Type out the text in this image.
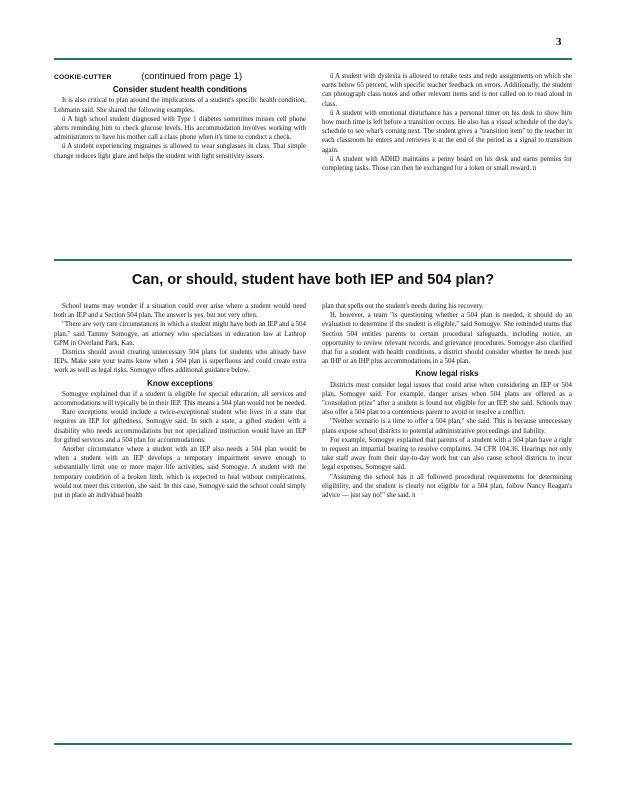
3
COOKIE-CUTTER	(continued from page 1)
Consider student health conditions

It is also critical to plan around the implications of a student's specific health condition, Lehmann said. She shared the following examples.

ü A high school student diagnosed with Type 1 diabetes sometimes misses cell phone alerts reminding him to check glucose levels. His accommodation involves working with administrators to have his mother call a class phone when it's time to conduct a check.

ü A student experiencing migraines is allowed to wear sunglasses in class. That simple change reduces light glare and helps the student with light sensitivity issues.

ü A student with dyslexia is allowed to retake tests and redo assignments on which she earns below 65 percent, with specific teacher feedback on errors. Additionally, the student can photograph class notes and other relevant items and is not called on to read aloud in class.

ü A student with emotional disturbance has a personal timer on his desk to show him how much time is left before a transition occurs. He also has a visual schedule of the day's schedule to see what's coming next. The student gives a "transition item" to the teacher in each classroom he enters and retrieves it at the end of the period as a signal to transition again.

ü A student with ADHD maintains a penny board on his desk and earns pennies for completing tasks. Those can then be exchanged for a token or small reward. n

Can, or should, student have both IEP and 504 plan?

School teams may wonder if a situation could ever arise where a student would need both an IEP and a Section 504 plan. The answer is yes, but not very often.

"There are very rare circumstances in which a student might have both an IEP and a 504 plan," said Tammy Somogye, an attorney who specializes in education law at Lathrop GPM in Overland Park, Kan.

Districts should avoid creating unnecessary 504 plans for students who already have IEPs. Make sure your teams know when a 504 plan is superfluous and could create extra work as well as legal risks. Somogye offers additional guidance below.

Know exceptions

Somogye explained that if a student is eligible for special education, all services and accommodations will typically be in their IEP. This means a 504 plan would not be needed.

Rare exceptions would include a twice-exceptional student who lives in a state that requires an IEP for giftedness, Somogye said. In such a state, a gifted student with a disability who needs accommodations but not specialized instruction would have an IEP for gifted services and a 504 plan for accommodations.

Another circumstance where a student with an IEP also needs a 504 plan would be when a student with an IEP develops a temporary impairment severe enough to substantially limit one or more major life activities, said Somogye. A student with the temporary condition of a broken limb, which is expected to heal without complications, would not meet this criterion, she said. In this case, Somogye said the school could simply put in place an individual health

plan that spells out the student's needs during his recovery.

If, however, a team "is questioning whether a 504 plan is needed, it should do an evaluation to determine if the student is eligible," said Somogye. She reminded teams that Section 504 entitles parents to certain procedural safeguards, including notice, an opportunity to review relevant records, and grievance procedures. Somogye also clarified that for a student with health conditions, a district should consider whether he needs just an IHP or an IHP plus accommodations in a 504 plan.

Know legal risks

Districts must consider legal issues that could arise when considering an IEP or 504 plan, Somogye said. For example, danger arises when 504 plans are offered as a "consolation prize" after a student is found not eligible for an IEP, she said. Schools may also offer a 504 plan to a contentious parent to avoid or resolve a conflict.

"Neither scenario is a time to offer a 504 plan," she said. This is because unnecessary plans expose school districts to potential administrative proceedings and liability.

For example, Somogye explained that parents of a student with a 504 plan have a right to request an impartial hearing to resolve complaints. 34 CFR 104.36. Hearings not only take staff away from their day-to-day work but can also cause school districts to incur legal expenses, Somogye said.

"Assuming the school has it all followed procedural requirements for determining eligibility, and the student is clearly not eligible for a 504 plan, follow Nancy Reagan's advice — just say no!" she said. n
